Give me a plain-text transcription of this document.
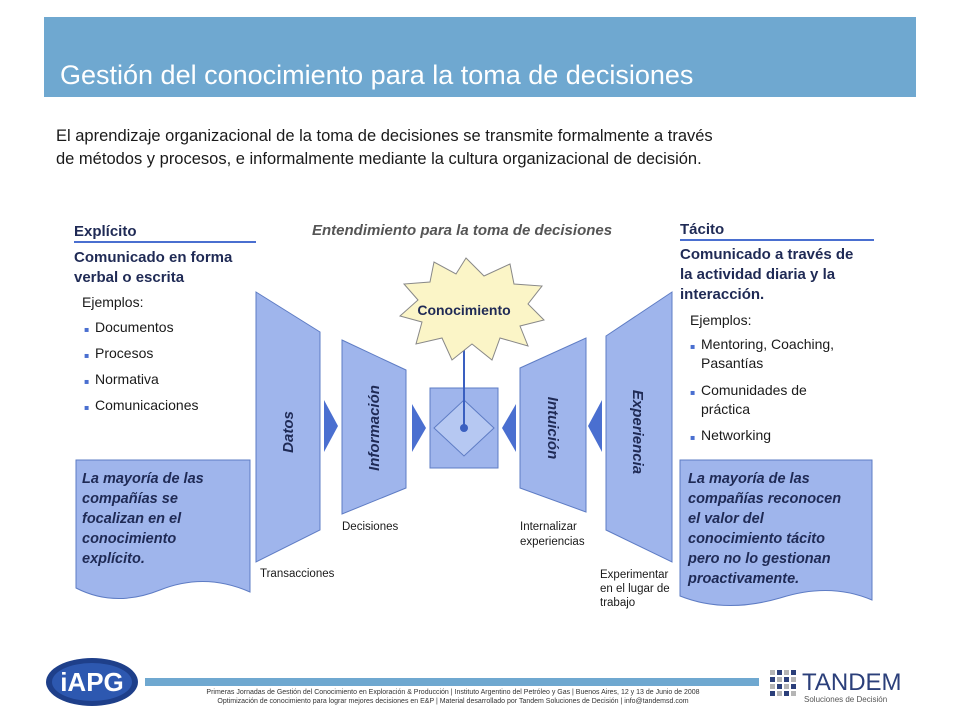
Gestión del conocimiento para la toma de decisiones
El aprendizaje organizacional de la toma de decisiones se transmite formalmente a través
de métodos y procesos, e informalmente mediante la cultura organizacional de decisión.
Explícito
Comunicado en forma
verbal o escrita
Ejemplos:
▪ Documentos
▪ Procesos
▪ Normativa
▪ Comunicaciones
Entendimiento para la toma de decisiones	Tácito
Comunicado a través de
la actividad diaria y la
interacción.
Ejemplos:
▪ Mentoring, Coaching,
Pasantías
▪ Comunidades de
práctica
▪ Networking
La mayoría de las
compañías se
focalizan en el
conocimiento
explícito.
La mayoría de las
compañías reconocen
el valor del
conocimiento tácito
pero no lo gestionan
proactivamente.
Datos	Información
Conocimiento
Intuición	Experiencia
Transacciones
Decisiones	Internalizar
experiencias
Experimentar
en el lugar de
trabajo
iAPG	Primeras Jornadas de Gestión del Conocimiento en Exploración & Producción | Instituto Argentino del Petróleo y Gas | Buenos Aires, 12 y 13 de Junio de 2008
Optimización de conocimiento para lograr mejores decisiones en E&P | Material desarrollado por Tandem Soluciones de Decisión | info@tandemsd.com
TANDEM
Soluciones de Decisión
